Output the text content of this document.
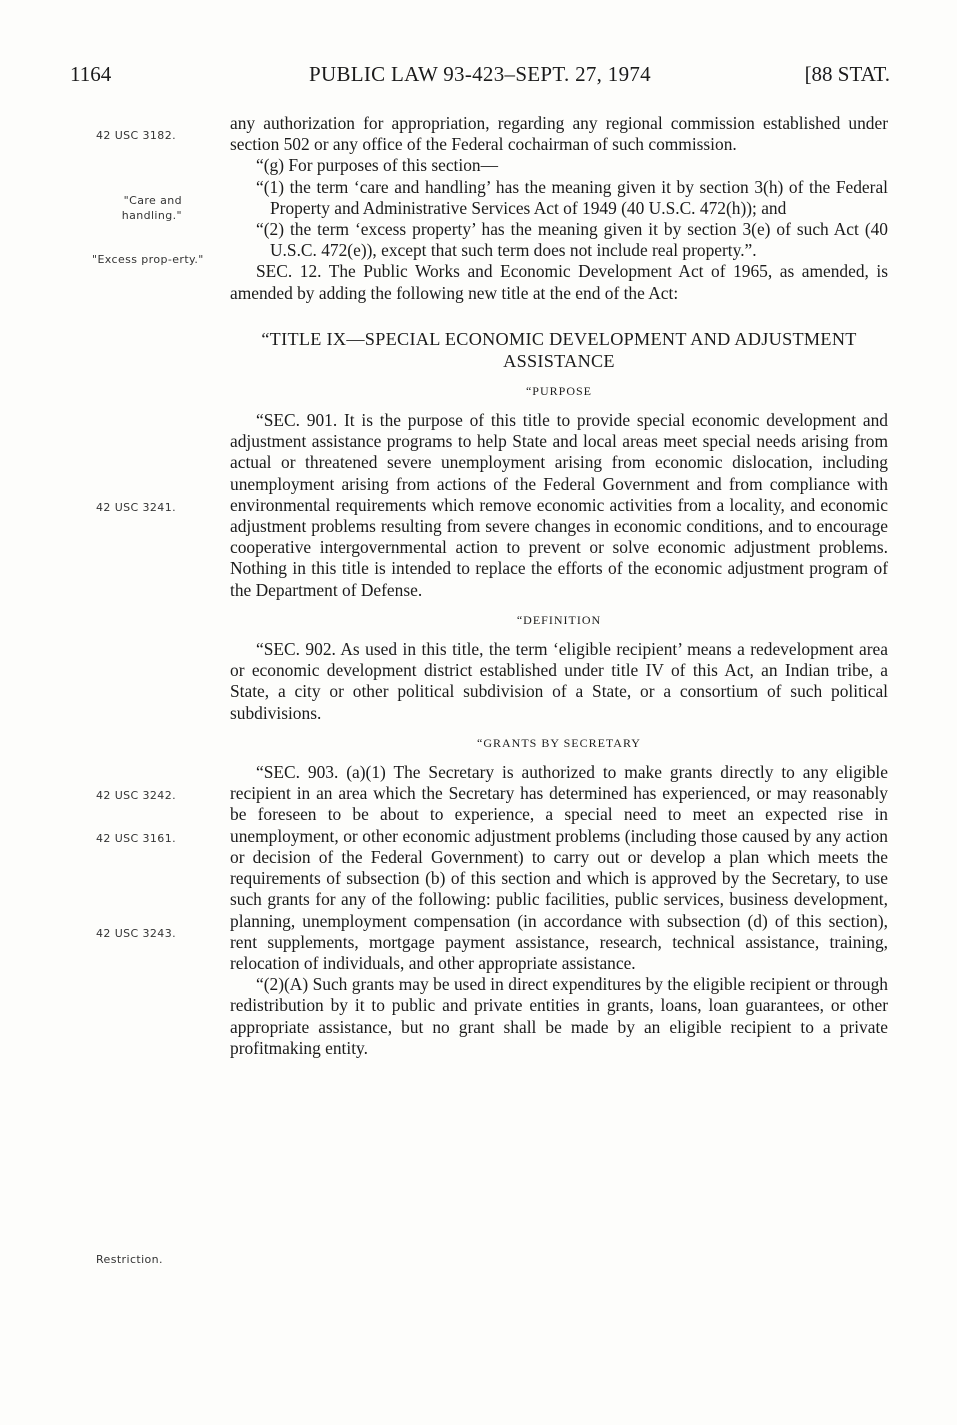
1164	PUBLIC LAW 93-423–SEPT. 27, 1974	[88 STAT.
42 USC 3182.
"Care and handling."
"Excess prop-erty."
42 USC 3241.
42 USC 3242.
42 USC 3161.
42 USC 3243.
Restriction.

any authorization for appropriation, regarding any regional commission established under section 502 or any office of the Federal cochairman of such commission.

“(g) For purposes of this section—

“(1) the term ‘care and handling’ has the meaning given it by section 3(h) of the Federal Property and Administrative Services Act of 1949 (40 U.S.C. 472(h)); and

“(2) the term ‘excess property’ has the meaning given it by section 3(e) of such Act (40 U.S.C. 472(e)), except that such term does not include real property.”.

SEC. 12. The Public Works and Economic Development Act of 1965, as amended, is amended by adding the following new title at the end of the Act:

“TITLE IX—SPECIAL ECONOMIC DEVELOPMENT AND ADJUSTMENT ASSISTANCE
“PURPOSE

“SEC. 901. It is the purpose of this title to provide special economic development and adjustment assistance programs to help State and local areas meet special needs arising from actual or threatened severe unemployment arising from economic dislocation, including unemployment arising from actions of the Federal Government and from compliance with environmental requirements which remove economic activities from a locality, and economic adjustment problems resulting from severe changes in economic conditions, and to encourage cooperative intergovernmental action to prevent or solve economic adjustment problems. Nothing in this title is intended to replace the efforts of the economic adjustment program of the Department of Defense.

“DEFINITION

“SEC. 902. As used in this title, the term ‘eligible recipient’ means a redevelopment area or economic development district established under title IV of this Act, an Indian tribe, a State, a city or other political subdivision of a State, or a consortium of such political subdivisions.

“GRANTS BY SECRETARY

“SEC. 903. (a)(1) The Secretary is authorized to make grants directly to any eligible recipient in an area which the Secretary has determined has experienced, or may reasonably be foreseen to be about to experience, a special need to meet an expected rise in unemployment, or other economic adjustment problems (including those caused by any action or decision of the Federal Government) to carry out or develop a plan which meets the requirements of subsection (b) of this section and which is approved by the Secretary, to use such grants for any of the following: public facilities, public services, business development, planning, unemployment compensation (in accordance with subsection (d) of this section), rent supplements, mortgage payment assistance, research, technical assistance, training, relocation of individuals, and other appropriate assistance.

“(2)(A) Such grants may be used in direct expenditures by the eligible recipient or through redistribution by it to public and private entities in grants, loans, loan guarantees, or other appropriate assistance, but no grant shall be made by an eligible recipient to a private profitmaking entity.
